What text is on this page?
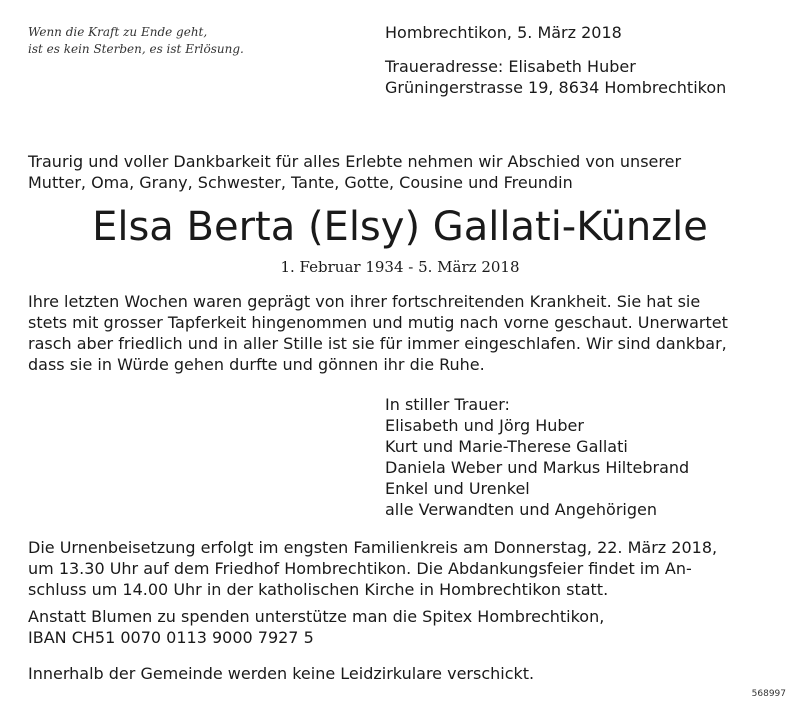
Wenn die Kraft zu Ende geht,
ist es kein Sterben, es ist Erlösung.
Hombrechtikon, 5. März 2018
Traueradresse: Elisabeth Huber
Grüningerstrasse 19, 8634 Hombrechtikon
Traurig und voller Dankbarkeit für alles Erlebte nehmen wir Abschied von unserer
Mutter, Oma, Grany, Schwester, Tante, Gotte, Cousine und Freundin
Elsa Berta (Elsy) Gallati-Künzle
1. Februar 1934 - 5. März 2018
Ihre letzten Wochen waren geprägt von ihrer fortschreitenden Krankheit. Sie hat sie
stets mit grosser Tapferkeit hingenommen und mutig nach vorne geschaut. Unerwartet
rasch aber friedlich und in aller Stille ist sie für immer eingeschlafen. Wir sind dankbar,
dass sie in Würde gehen durfte und gönnen ihr die Ruhe.
In stiller Trauer:
Elisabeth und Jörg Huber
Kurt und Marie-Therese Gallati
Daniela Weber und Markus Hiltebrand
Enkel und Urenkel
alle Verwandten und Angehörigen
Die Urnenbeisetzung erfolgt im engsten Familienkreis am Donnerstag, 22. März 2018,
um 13.30 Uhr auf dem Friedhof Hombrechtikon. Die Abdankungsfeier findet im An-
schluss um 14.00 Uhr in der katholischen Kirche in Hombrechtikon statt.
Anstatt Blumen zu spenden unterstütze man die Spitex Hombrechtikon,
IBAN CH51 0070 0113 9000 7927 5
Innerhalb der Gemeinde werden keine Leidzirkulare verschickt.
568997
